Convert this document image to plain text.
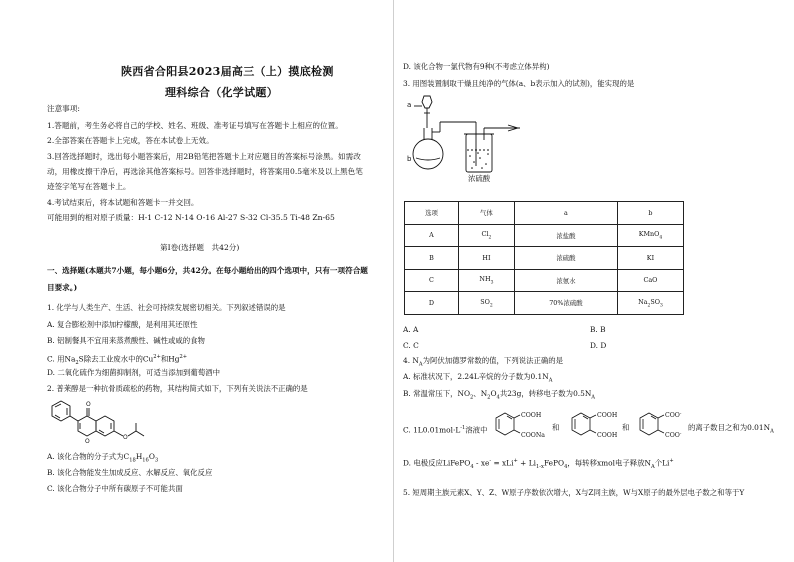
陕西省合阳县2023届高三（上）摸底检测
理科综合（化学试题）
注意事项:
1.答题前，考生务必将自己的学校、姓名、班级、准考证号填写在答题卡上相应的位置。
2.全部答案在答题卡上完成，答在本试卷上无效。
3.回答选择题时，选出每小题答案后，用2B铅笔把答题卡上对应题目的答案标号涂黑。如需改
动，用橡皮擦干净后，再选涂其他答案标号。回答非选择题时，将答案用0.5毫米及以上黑色笔
迹签字笔写在答题卡上。
4.考试结束后，将本试题和答题卡一并交回。
可能用到的相对原子质量：H-1 C-12 N-14 O-16 Al-27 S-32 Cl-35.5 Ti-48 Zn-65
第Ⅰ卷(选择题　共42分)
一、选择题(本题共7小题，每小题6分，共42分。在每小题给出的四个选项中，只有一项符合题
目要求。)
1. 化学与人类生产、生活、社会可持续发展密切相关。下列叙述错误的是
A. 复合膨松剂中添加柠檬酸，是利用其还原性
B. 铝制餐具不宜用来蒸煮酸性、碱性或咸的食物
C. 用$Na_2S$除去工业废水中的$Cu^{2+}$和$Hg^{2+}$
D. 二氧化硫作为细菌抑制剂，可适当添加到葡萄酒中
2. 普莱醇是一种抗骨质疏松的药物，其结构简式如下，下列有关说法不正确的是
O
O
O
A. 该化合物的分子式为$C_{18}H_{16}O_3$
B. 该化合物能发生加成反应、水解反应、氧化反应
C. 该化合物分子中所有碳原子不可能共面
D. 该化合物一氯代物有9种(不考虑立体异构)
3. 用图装置制取干燥且纯净的气体(a、b表示加入的试剂)，能实现的是
a
b
浓硫酸
选项	气体	a	b
A	$Cl_2$	浓盐酸	KMnO$_4$
B	HI	浓硫酸	KI
C	$NH_3$	浓氨水	CaO
D	$SO_2$	70%浓硫酸	$Na_2SO_3$
A. A	B. B
C. C	D. D
4. $N_A$为阿伏加德罗常数的值，下列说法正确的是
A. 标准状况下，2.24L辛烷的分子数为$0.1N_A$
B. 常温常压下，$NO_2$、$N_2O_4$共23g，转移电子数为$0.5N_A$
C. $1L0.01mol\cdot L^{-1}$溶液中
COOH
COONa
和
COOH
COOH
和
COO-
COO-
的离子数目之和为$0.01N_A$
D. 电极反应LiFePO$_4$ - $xe^- = xLi^+ + Li_{1-x}FePO_4$，每转移xmol电子释放$N_A$个Li+
5. 短周期主族元素X、Y、Z、W原子序数依次增大，X与Z同主族，W与X原子的最外层电子数之和等于Y
